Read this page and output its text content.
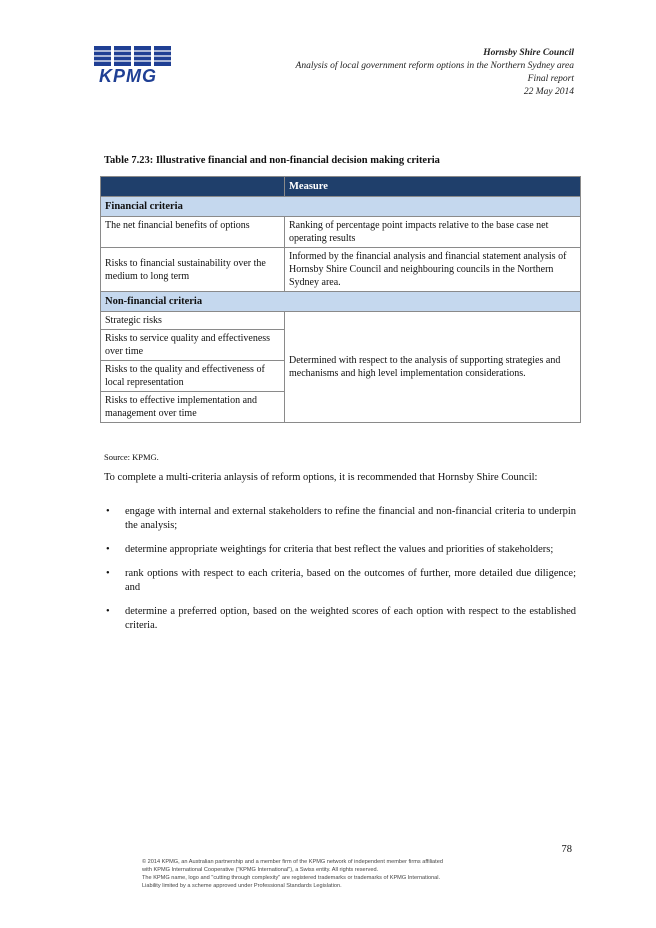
KPMG
Hornsby Shire Council
Analysis of local government reform options in the Northern Sydney area
Final report
22 May 2014
Table 7.23: Illustrative financial and non-financial decision making criteria
	Measure
Financial criteria	
The net financial benefits of options	Ranking of percentage point impacts relative to the base case net operating results
Risks to financial sustainability over the medium to long term	Informed by the financial analysis and financial statement analysis of Hornsby Shire Council and neighbouring councils in the Northern Sydney area.
Non-financial criteria	
Strategic risks	Determined with respect to the analysis of supporting strategies and mechanisms and high level implementation considerations.
Risks to service quality and effectiveness over time	
Risks to the quality and effectiveness of local representation	
Risks to effective implementation and management over time	
Source: KPMG.
To complete a multi-criteria anlaysis of reform options, it is recommended that Hornsby Shire Council:
• engage with internal and external stakeholders to refine the financial and non-financial criteria to underpin the analysis;
• determine appropriate weightings for criteria that best reflect the values and priorities of stakeholders;
• rank options with respect to each criteria, based on the outcomes of further, more detailed due diligence; and
• determine a preferred option, based on the weighted scores of each option with respect to the established criteria.
78
© 2014 KPMG, an Australian partnership and a member firm of the KPMG network of independent member firms affiliated
with KPMG International Cooperative ("KPMG International"), a Swiss entity. All rights reserved.
The KPMG name, logo and "cutting through complexity" are registered trademarks or trademarks of KPMG International.
Liability limited by a scheme approved under Professional Standards Legislation.
